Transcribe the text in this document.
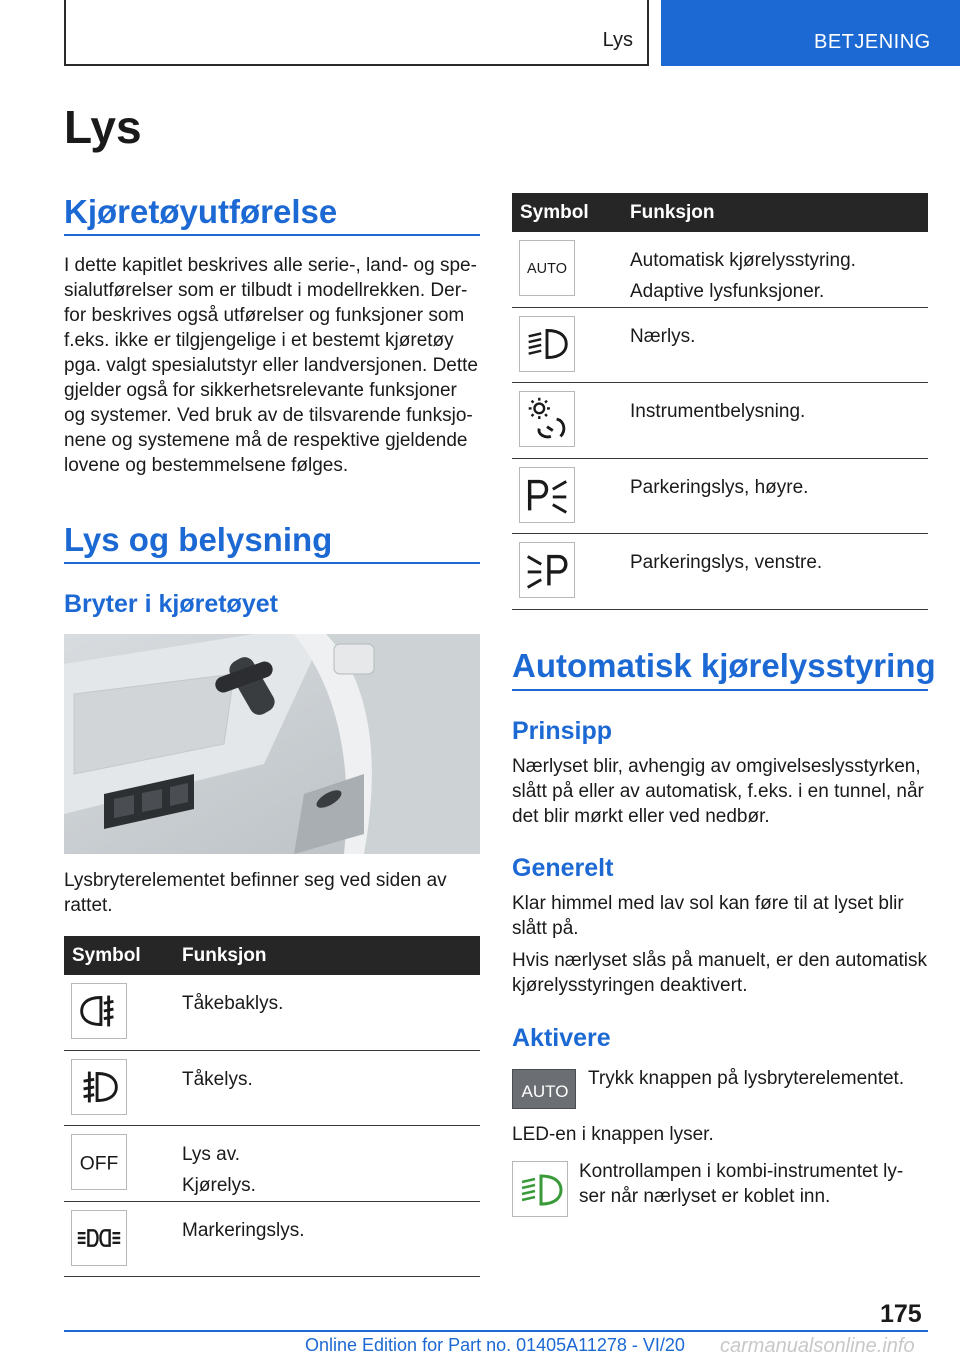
Lys	BETJENING
Lys
Kjøretøyutførelse
I dette kapitlet beskrives alle serie-, land- og spe-
sialutførelser som er tilbudt i modellrekken. Der-
for beskrives også utførelser og funksjoner som
f.eks. ikke er tilgjengelige i et bestemt kjøretøy
pga. valgt spesialutstyr eller landversjonen. Dette
gjelder også for sikkerhetsrelevante funksjoner
og systemer. Ved bruk av de tilsvarende funksjo-
nene og systemene må de respektive gjeldende
lovene og bestemmelsene følges.
Lys og belysning
Bryter i kjøretøyet
Lysbryterelementet befinner seg ved siden av
rattet.
Symbol Funksjon
Tåkebaklys.
Tåkelys.
OFF	Lys av.
Kjørelys.
Markeringslys.
Symbol Funksjon
AUTO	Automatisk kjørelysstyring.
Adaptive lysfunksjoner.
Nærlys.
Instrumentbelysning.
Parkeringslys, høyre.
Parkeringslys, venstre.
Automatisk kjørelysstyring
Prinsipp
Nærlyset blir, avhengig av omgivelseslysstyrken,
slått på eller av automatisk, f.eks. i en tunnel, når
det blir mørkt eller ved nedbør.
Generelt
Klar himmel med lav sol kan føre til at lyset blir
slått på.
Hvis nærlyset slås på manuelt, er den automatisk
kjørelysstyringen deaktivert.
Aktivere
AUTO
Trykk knappen på lysbryterelementet.
LED-en i knappen lyser.
Kontrollampen i kombi-instrumentet ly-
ser når nærlyset er koblet inn.
175
Online Edition for Part no. 01405A11278 - VI/20 carmanualsonline.info
